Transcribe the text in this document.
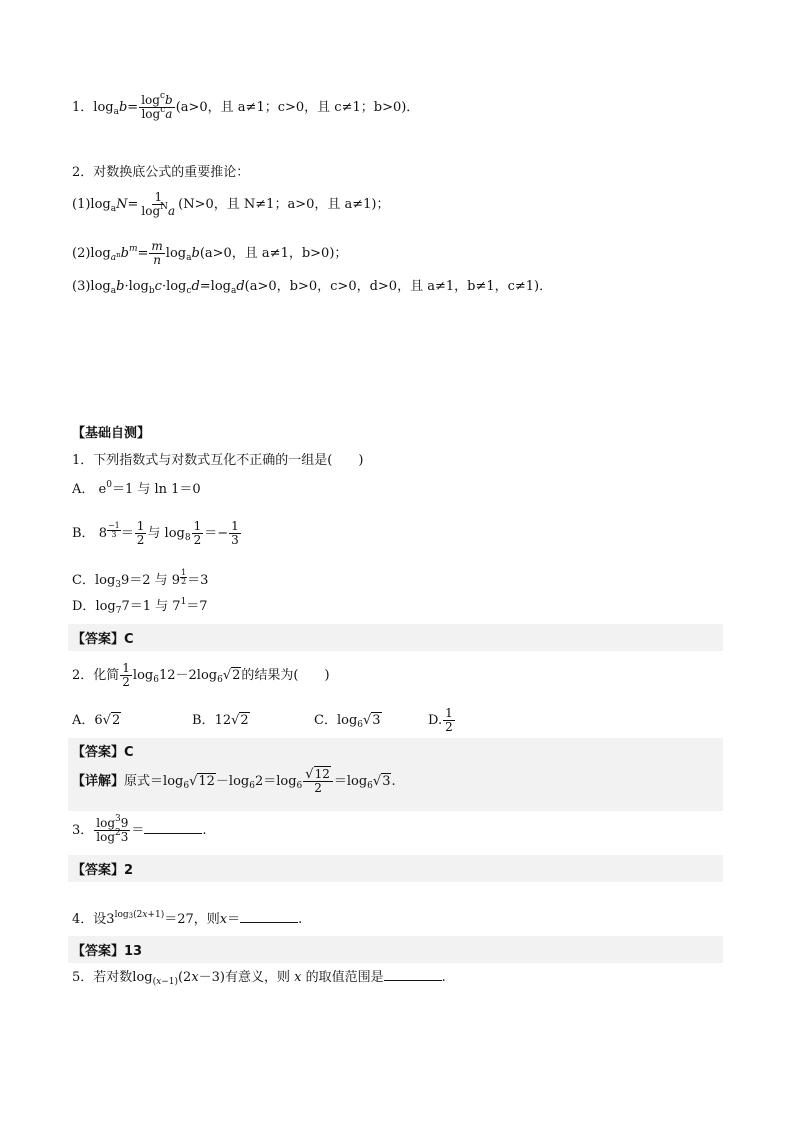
1．$\log_ab= \frac{\log^cb}{\log^ca} (a>0$，且 a≠1；c>0，且 c≠1；b>0)．
2．对数换底公式的重要推论：
$(1)\log_aN= \frac{1}{\log^Na} (N>0$，且 N≠1；a>0，且 a≠1)；
$(2)\log_{a^n}b^m= \frac{m}{n} \log_ab(a>0$，且 a≠1，b>0)；
$(3)\log_ab\cdot\log_bc\cdot\log_cd=\log_ad(a>0$，b>0，c>0，d>0，且 a≠1，b≠1，c≠1)．
【基础自测】
1．下列指数式与对数式互化不正确的一组是(　　)
A． $e^0=1$ 与 ln 1＝0
B． $8 \frac{-1}{3} = \frac{1}{2}$ 与 $\log_8 \frac{1}{2} =- \frac{1}{3}$
C．$\log_39=2$ 与 $9 \frac{1}{2} =3$
D．$\log_77=1$ 与 $7^1=7$
【答案】C
2．化简 $\frac{1}{2} \log_612-2\log_6√2$的结果为(　　)
A．6√2	B．12√2	C．$\log_6√3$	D. $\frac{1}{2}$
【答案】C
【详解】原式$=\log_6√12-\log_62=\log_6 \frac{√12}{2} =\log_6√3$.
3． $\frac{\log^39}{\log^23}$ ＝	.
【答案】2
4．设$3^{log_3(2x+1)}=27$，则x＝	.
【答案】13
5．若对数$\log_{(x-1)}(2x-3)$有意义，则 x 的取值范围是	.
